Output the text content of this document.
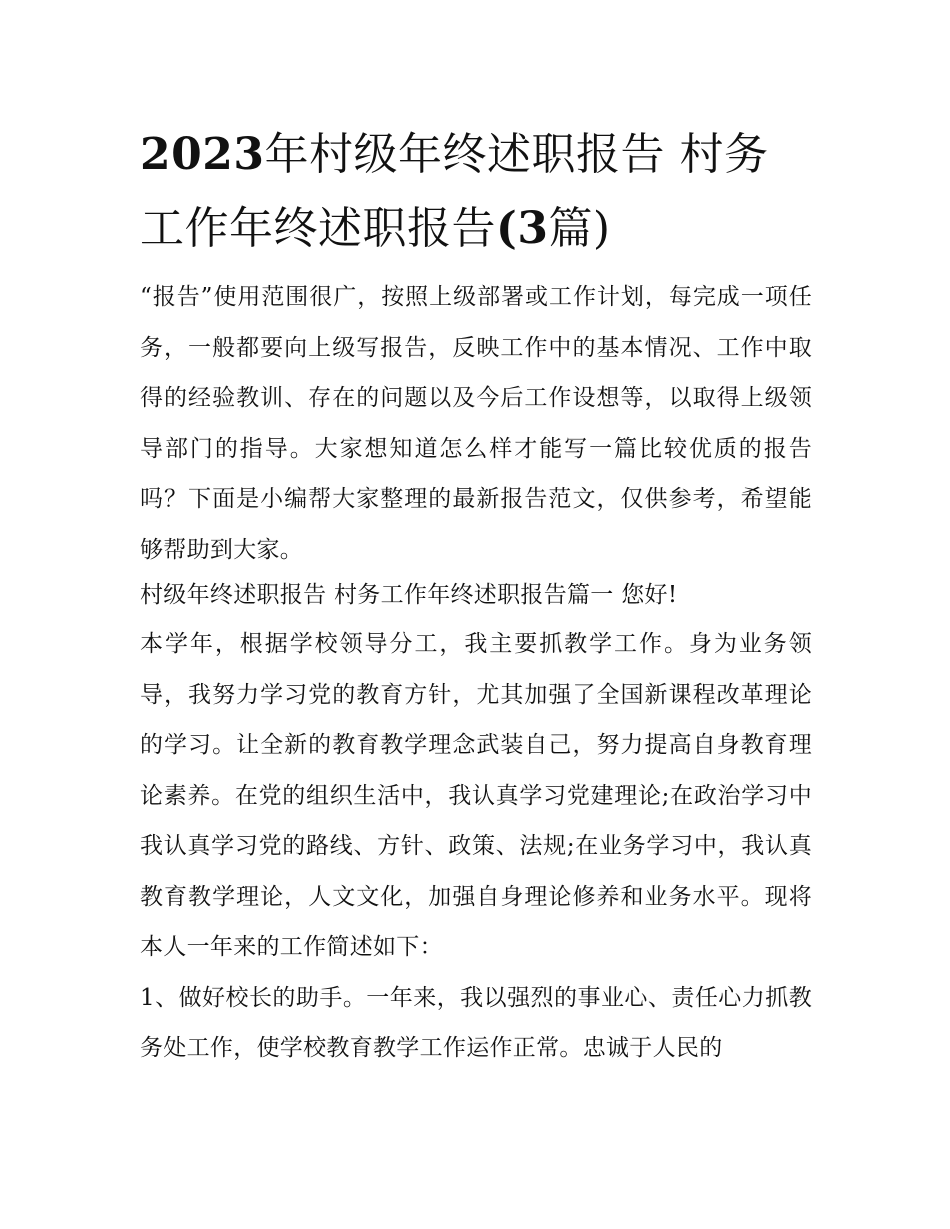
2023年村级年终述职报告 村务工作年终述职报告(3篇)

“报告”使用范围很广，按照上级部署或工作计划，每完成一项任务，一般都要向上级写报告，反映工作中的基本情况、工作中取得的经验教训、存在的问题以及今后工作设想等，以取得上级领导部门的指导。大家想知道怎么样才能写一篇比较优质的报告吗？下面是小编帮大家整理的最新报告范文，仅供参考，希望能够帮助到大家。

村级年终述职报告 村务工作年终述职报告篇一 您好!

本学年，根据学校领导分工，我主要抓教学工作。身为业务领导，我努力学习党的教育方针，尤其加强了全国新课程改革理论的学习。让全新的教育教学理念武装自己，努力提高自身教育理论素养。在党的组织生活中，我认真学习党建理论;在政治学习中我认真学习党的路线、方针、政策、法规;在业务学习中，我认真教育教学理论，人文文化，加强自身理论修养和业务水平。现将本人一年来的工作简述如下：

1、做好校长的助手。一年来，我以强烈的事业心、责任心力抓教务处工作，使学校教育教学工作运作正常。忠诚于人民的
